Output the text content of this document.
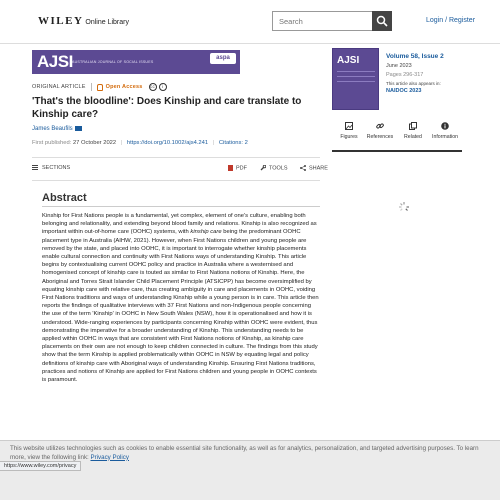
WILEY Online Library
Search	Login / Register
AJSI AUSTRALIAN JOURNAL OF SOCIAL ISSUES
aspa
ORIGINAL ARTICLE	Open Access	cc	i
'That's the bloodline': Does Kinship and care translate to Kinship care?
James Beaufils
First published: 27 October 2022 | https://doi.org/10.1002/ajs4.241 | Citations: 2
SECTIONS	PDF	TOOLS	SHARE
Abstract

Kinship for First Nations people is a fundamental, yet complex, element of one's culture, enabling both belonging and relationality, and extending beyond blood family and relations. Kinship is also recognized as important within out-of-home care (OOHC) systems, with kinship care being the predominant OOHC placement type in Australia (AIHW, 2021). However, when First Nations children and young people are removed by the state, and placed into OOHC, it is important to interrogate whether kinship placements enable cultural connection and continuity with First Nations ways of understanding Kinship. This article begins by contextualising current OOHC policy and practice in Australia where a westernised and homogenised concept of kinship care is touted as similar to First Nations notions of Kinship. Here, the Aboriginal and Torres Strait Islander Child Placement Principle (ATSICPP) has become oversimplified by equating kinship care with relative care, thus creating ambiguity in care and placements in OOHC, voiding First Nations traditions and ways of understanding Kinship while a young person is in care. This article then reports the findings of qualitative interviews with 37 First Nations and non-Indigenous people concerning the use of the term 'Kinship' in OOHC in New South Wales (NSW), how it is operationalised and how it is understood. Wide-ranging experiences by participants concerning Kinship within OOHC were evident, thus demonstrating the imperative for a broader understanding of Kinship. This understanding needs to be applied within OOHC in ways that are consistent with First Nations notions of Kinship, as kinship care placements on their own are not enough to keep children connected in culture. The findings from this study show that the term Kinship is applied problematically within OOHC in NSW by equating legal and policy definitions of kinship care with Aboriginal ways of understanding Kinship. Ensuring First Nations traditions, practices and notions of Kinship are applied for First Nations children and young people in OOHC contexts is paramount.

AJSI	Volume 58, Issue 2
June 2023
Pages 296-317
This article also appears in:
NAIDOC 2023
Figures	References	Related	Information

This website utilizes technologies such as cookies to enable essential site functionality, as well as for analytics, personalization, and targeted advertising purposes. To learn more, view the following link: Privacy Policy

https://www.wiley.com/privacy
